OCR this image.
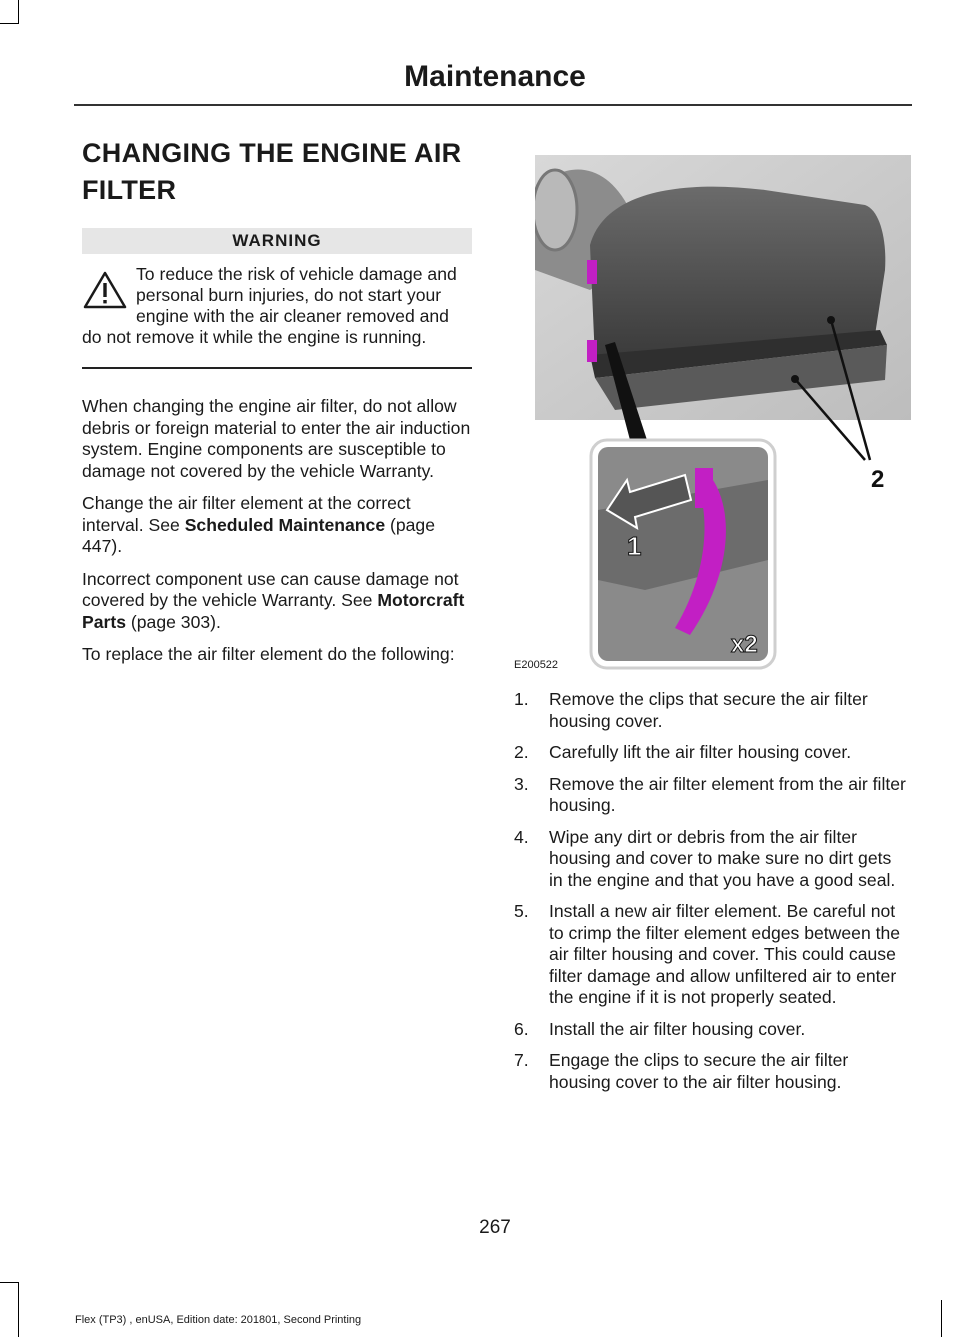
Maintenance
CHANGING THE ENGINE AIR
FILTER
WARNING
To reduce the risk of vehicle damage and personal burn injuries, do not start your engine with the air cleaner removed and do not remove it while the engine is running.

When changing the engine air filter, do not allow debris or foreign material to enter the air induction system. Engine components are susceptible to damage not covered by the vehicle Warranty.

Change the air filter element at the correct interval. See Scheduled Maintenance (page 447).

Incorrect component use can cause damage not covered by the vehicle Warranty. See Motorcraft Parts (page 303).

To replace the air filter element do the following:

2
1
x2
E200522
1. Remove the clips that secure the air filter housing cover.
2. Carefully lift the air filter housing cover.
3. Remove the air filter element from the air filter housing.
4. Wipe any dirt or debris from the air filter housing and cover to make sure no dirt gets in the engine and that you have a good seal.
5. Install a new air filter element. Be careful not to crimp the filter element edges between the air filter housing and cover. This could cause filter damage and allow unfiltered air to enter the engine if it is not properly seated.
6. Install the air filter housing cover.
7. Engage the clips to secure the air filter housing cover to the air filter housing.
267
Flex (TP3) , enUSA, Edition date: 201801, Second Printing
